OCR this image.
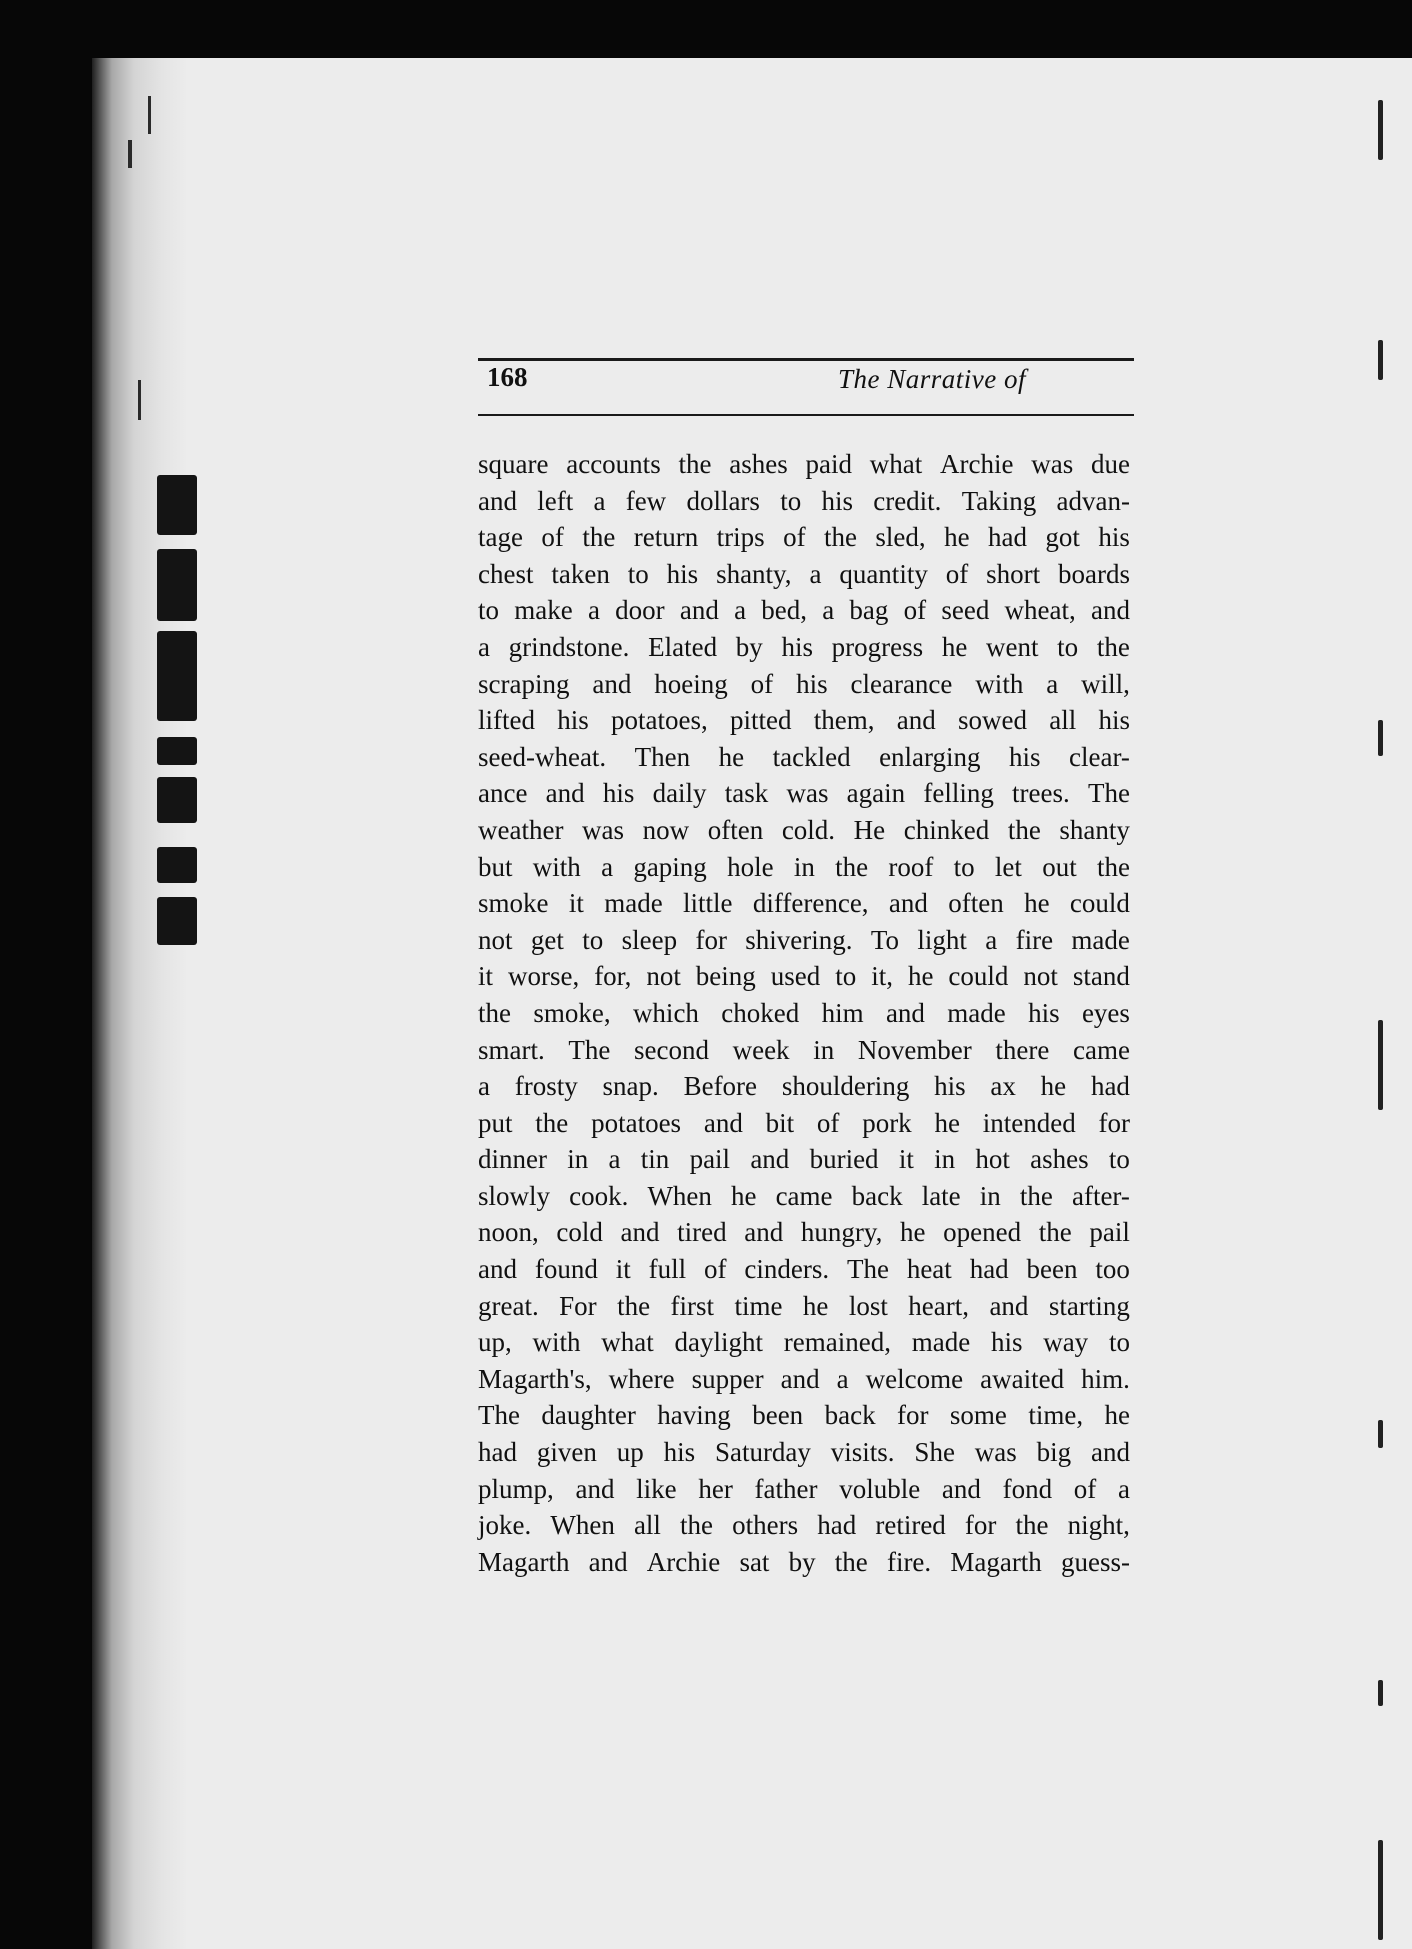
168	The Narrative of
square accounts the ashes paid what Archie was due
and left a few dollars to his credit. Taking advan-
tage of the return trips of the sled, he had got his
chest taken to his shanty, a quantity of short boards
to make a door and a bed, a bag of seed wheat, and
a grindstone. Elated by his progress he went to the
scraping and hoeing of his clearance with a will,
lifted his potatoes, pitted them, and sowed all his
seed-wheat. Then he tackled enlarging his clear-
ance and his daily task was again felling trees. The
weather was now often cold. He chinked the shanty
but with a gaping hole in the roof to let out the
smoke it made little difference, and often he could
not get to sleep for shivering. To light a fire made
it worse, for, not being used to it, he could not stand
the smoke, which choked him and made his eyes
smart. The second week in November there came
a frosty snap. Before shouldering his ax he had
put the potatoes and bit of pork he intended for
dinner in a tin pail and buried it in hot ashes to
slowly cook. When he came back late in the after-
noon, cold and tired and hungry, he opened the pail
and found it full of cinders. The heat had been too
great. For the first time he lost heart, and starting
up, with what daylight remained, made his way to
Magarth's, where supper and a welcome awaited him.
The daughter having been back for some time, he
had given up his Saturday visits. She was big and
plump, and like her father voluble and fond of a
joke. When all the others had retired for the night,
Magarth and Archie sat by the fire. Magarth guess-
